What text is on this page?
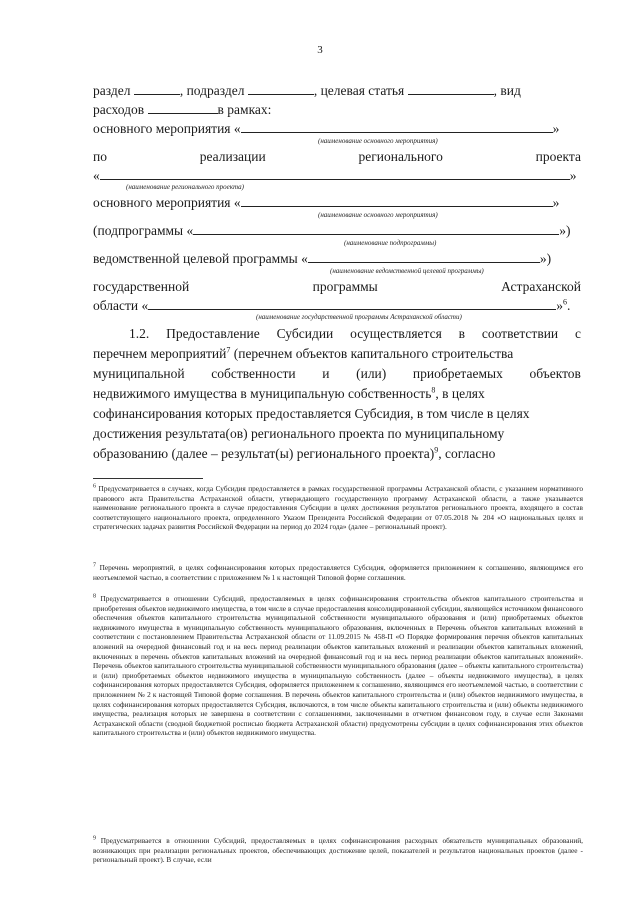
3
раздел	, подраздел	, целевая статья	, вид
расходов	в рамках:
основного мероприятия «	»
(наименование основного мероприятия)
по	реализации	регионального	проекта
«	»
(наименование регионального проекта)
основного мероприятия «	»
(наименование основного мероприятия)
(подпрограммы «	»)
(наименование подпрограммы)
ведомственной целевой программы «	»)
(наименование ведомственной целевой программы)
государственной	программы	Астраханской
области «	»$^6$.
(наименование государственной программы Астраханской области)
1.2. Предоставление Субсидии осуществляется в соответствии с
перечнем мероприятий$^7$ (перечнем объектов капитального строительства
муниципальной собственности и (или) приобретаемых объектов
недвижимого имущества в муниципальную собственность$^8$, в целях
софинансирования которых предоставляется Субсидия, в том числе в целях
достижения результата(ов) регионального проекта по муниципальному
образованию (далее – результат(ы) регионального проекта)$^9$, согласно

$^6$ Предусматривается в случаях, когда Субсидия предоставляется в рамках государственной программы Астраханской области, с указанием нормативного правового акта Правительства Астраханской области, утверждающего государственную программу Астраханской области, а также указывается наименование регионального проекта в случае предоставления Субсидии в целях достижения результатов регионального проекта, входящего в состав соответствующего национального проекта, определенного Указом Президента Российской Федерации от 07.05.2018 № 204 «О национальных целях и стратегических задачах развития Российской Федерации на период до 2024 года» (далее – региональный проект).

$^7$ Перечень мероприятий, в целях софинансирования которых предоставляется Субсидия, оформляется приложением к соглашению, являющимся его неотъемлемой частью, в соответствии с приложением № 1 к настоящей Типовой форме соглашения.

$^8$ Предусматривается в отношении Субсидий, предоставляемых в целях софинансирования строительства объектов капитального строительства и приобретения объектов недвижимого имущества, в том числе в случае предоставления консолидированной субсидии, являющейся источником финансового обеспечения объектов капитального строительства муниципальной собственности муниципального образования и (или) приобретаемых объектов недвижимого имущества в муниципальную собственность муниципального образования, включенных в Перечень объектов капитальных вложений в соответствии с постановлением Правительства Астраханской области от 11.09.2015 № 458-П «О Порядке формирования перечня объектов капитальных вложений на очередной финансовый год и на весь период реализации объектов капитальных вложений и реализации объектов капитальных вложений, включенных в перечень объектов капитальных вложений на очередной финансовый год и на весь период реализации объектов капитальных вложений». Перечень объектов капитального строительства муниципальной собственности муниципального образования (далее – объекты капитального строительства) и (или) приобретаемых объектов недвижимого имущества в муниципальную собственность (далее – объекты недвижимого имущества), в целях софинансирования которых предоставляется Субсидия, оформляется приложением к соглашению, являющимся его неотъемлемой частью, в соответствии с приложением № 2 к настоящей Типовой форме соглашения. В перечень объектов капитального строительства и (или) объектов недвижимого имущества, в целях софинансирования которых предоставляется Субсидия, включаются, в том числе объекты капитального строительства и (или) объекты недвижимого имущества, реализация которых не завершена в соответствии с соглашениями, заключенными в отчетном финансовом году, в случае если Законами Астраханской области (сводной бюджетной росписью бюджета Астраханской области) предусмотрены субсидии в целях софинансирования этих объектов капитального строительства и (или) объектов недвижимого имущества.

$^9$ Предусматривается в отношении Субсидий, предоставляемых в целях софинансирования расходных обязательств муниципальных образований, возникающих при реализации региональных проектов, обеспечивающих достижение целей, показателей и результатов национальных проектов (далее - региональный проект). В случае, если
